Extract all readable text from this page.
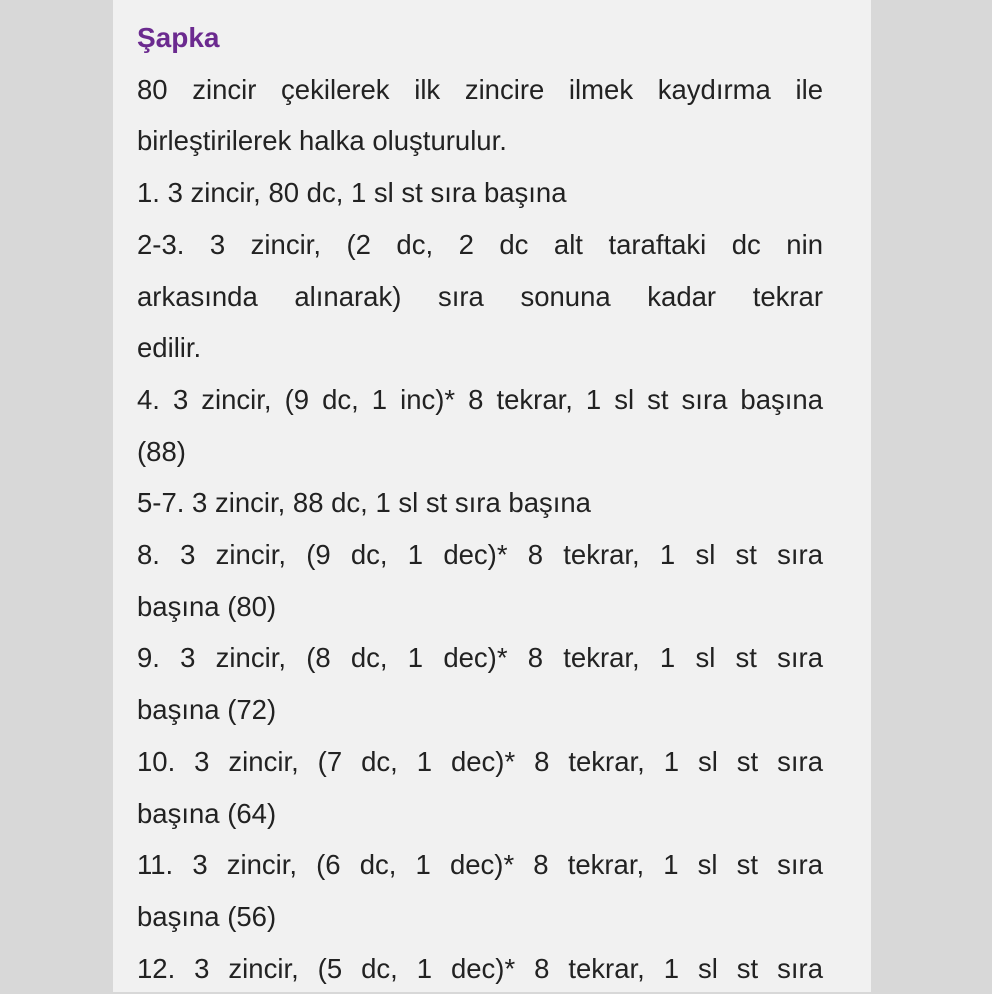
Şapka
80 zincir çekilerek ilk zincire ilmek kaydırma ile
birleştirilerek halka oluşturulur.
1. 3 zincir, 80 dc, 1 sl st sıra başına
2-3. 3 zincir, (2 dc, 2 dc alt taraftaki dc nin
arkasında alınarak) sıra sonuna kadar tekrar
edilir.
4. 3 zincir, (9 dc, 1 inc)* 8 tekrar, 1 sl st sıra başına
(88)
5-7. 3 zincir, 88 dc, 1 sl st sıra başına
8. 3 zincir, (9 dc, 1 dec)* 8 tekrar, 1 sl st sıra
başına (80)
9. 3 zincir, (8 dc, 1 dec)* 8 tekrar, 1 sl st sıra
başına (72)
10. 3 zincir, (7 dc, 1 dec)* 8 tekrar, 1 sl st sıra
başına (64)
11. 3 zincir, (6 dc, 1 dec)* 8 tekrar, 1 sl st sıra
başına (56)
12. 3 zincir, (5 dc, 1 dec)* 8 tekrar, 1 sl st sıra
